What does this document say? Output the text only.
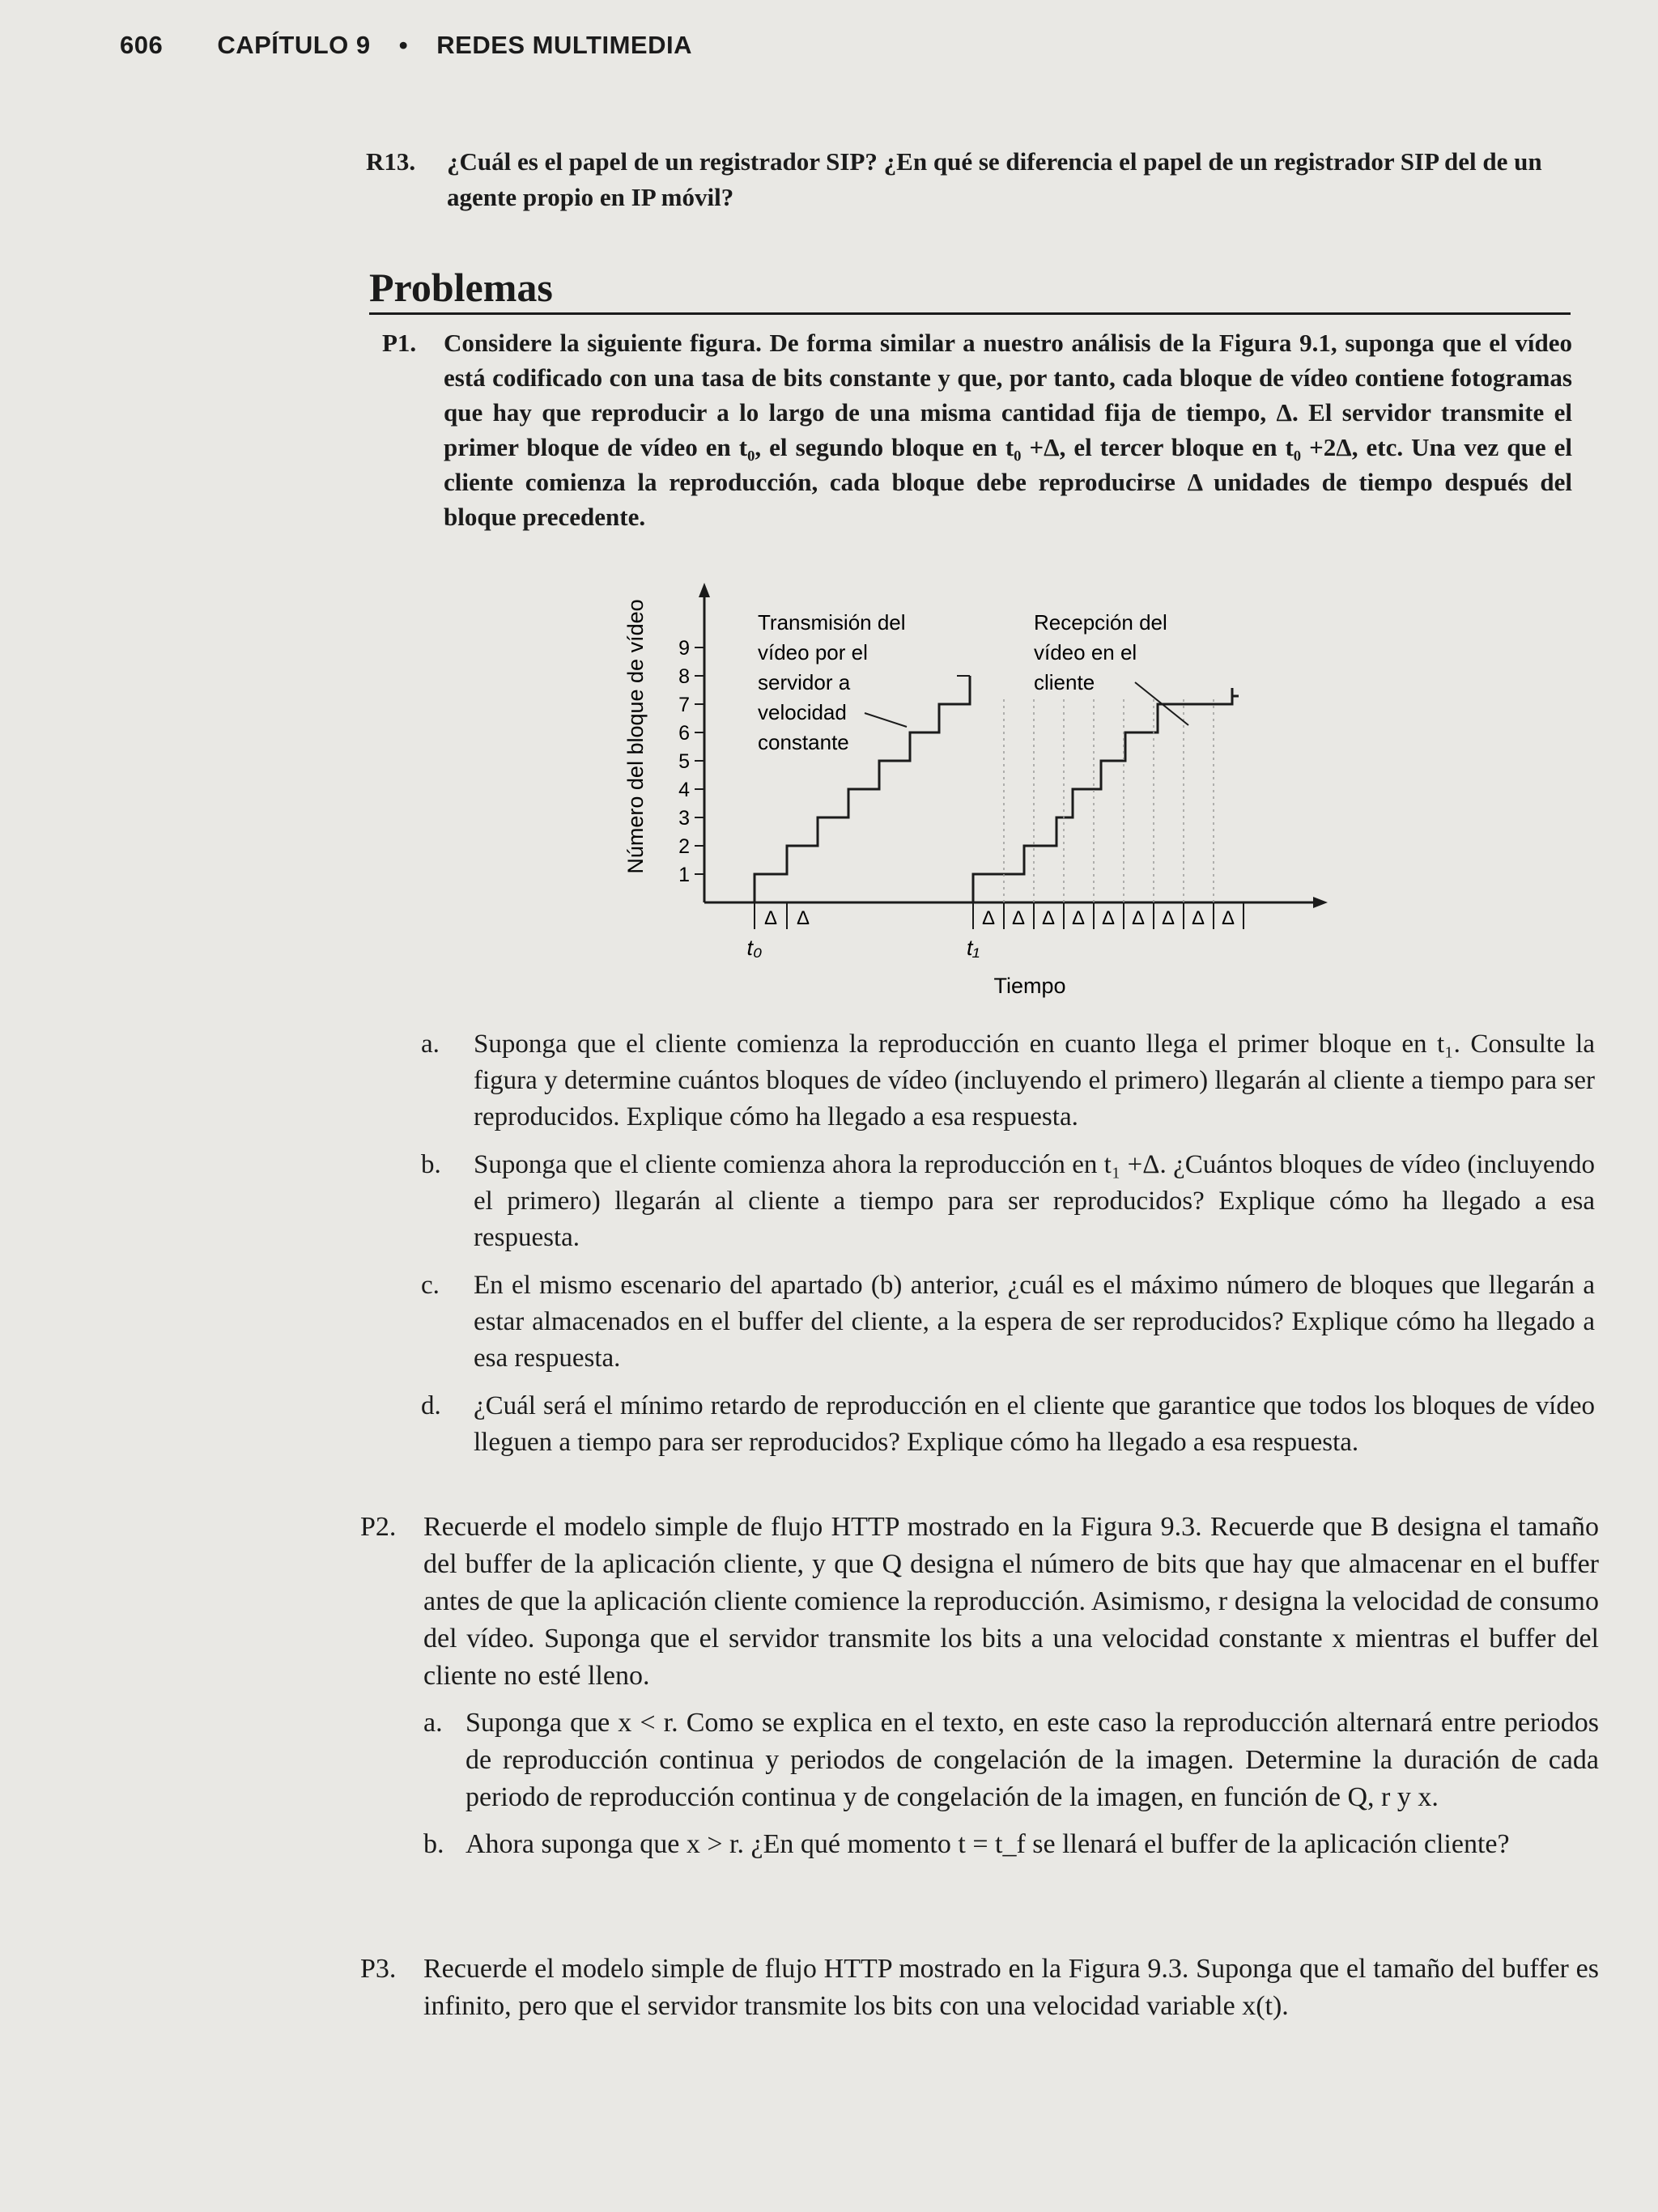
606 CAPÍTULO 9 • REDES MULTIMEDIA
R13. ¿Cuál es el papel de un registrador SIP? ¿En qué se diferencia el papel de un registrador SIP del de un agente propio en IP móvil?
Problemas
P1. Considere la siguiente figura. De forma similar a nuestro análisis de la Figura 9.1, suponga que el vídeo está codificado con una tasa de bits constante y que, por tanto, cada bloque de vídeo contiene fotogramas que hay que reproducir a lo largo de una misma cantidad fija de tiempo, Δ. El servidor transmite el primer bloque de vídeo en t₀, el segundo bloque en t₀ +Δ, el tercer bloque en t₀ +2Δ, etc. Una vez que el cliente comienza la reproducción, cada bloque debe reproducirse Δ unidades de tiempo después del bloque precedente.
Número del bloque de vídeo
1
2
3
4
5
6
7
8
9
Δ Δ	Δ Δ Δ Δ Δ Δ Δ Δ Δ
t₀	t₁
Tiempo
Transmisión del
vídeo por el
servidor a
velocidad
constante
Recepción del
vídeo en el
cliente
a. Suponga que el cliente comienza la reproducción en cuanto llega el primer bloque en t₁. Consulte la figura y determine cuántos bloques de vídeo (incluyendo el primero) llegarán al cliente a tiempo para ser reproducidos. Explique cómo ha llegado a esa respuesta.
b. Suponga que el cliente comienza ahora la reproducción en t₁ +Δ. ¿Cuántos bloques de vídeo (incluyendo el primero) llegarán al cliente a tiempo para ser reproducidos? Explique cómo ha llegado a esa respuesta.
c. En el mismo escenario del apartado (b) anterior, ¿cuál es el máximo número de bloques que llegarán a estar almacenados en el buffer del cliente, a la espera de ser reproducidos? Explique cómo ha llegado a esa respuesta.
d. ¿Cuál será el mínimo retardo de reproducción en el cliente que garantice que todos los bloques de vídeo lleguen a tiempo para ser reproducidos? Explique cómo ha llegado a esa respuesta.
P2. Recuerde el modelo simple de flujo HTTP mostrado en la Figura 9.3. Recuerde que B designa el tamaño del buffer de la aplicación cliente, y que Q designa el número de bits que hay que almacenar en el buffer antes de que la aplicación cliente comience la reproducción. Asimismo, r designa la velocidad de consumo del vídeo. Suponga que el servidor transmite los bits a una velocidad constante x mientras el buffer del cliente no esté lleno.
a. Suponga que x < r. Como se explica en el texto, en este caso la reproducción alternará entre periodos de reproducción continua y periodos de congelación de la imagen. Determine la duración de cada periodo de reproducción continua y de congelación de la imagen, en función de Q, r y x.
b. Ahora suponga que x > r. ¿En qué momento t = t_f se llenará el buffer de la aplicación cliente?
P3. Recuerde el modelo simple de flujo HTTP mostrado en la Figura 9.3. Suponga que el tamaño del buffer es infinito, pero que el servidor transmite los bits con una velocidad variable x(t).
